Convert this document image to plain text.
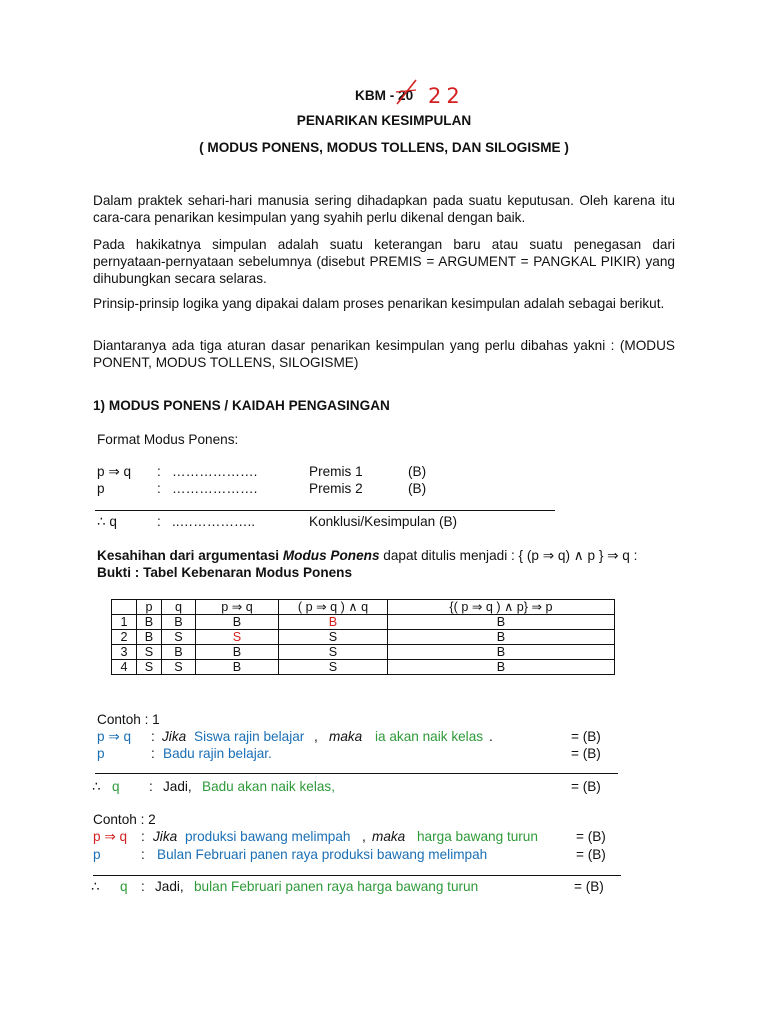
KBM - 20 22
PENARIKAN KESIMPULAN
( MODUS PONENS, MODUS TOLLENS, DAN SILOGISME )

Dalam praktek sehari-hari manusia sering dihadapkan pada suatu keputusan. Oleh karena itu cara-cara penarikan kesimpulan yang syahih perlu dikenal dengan baik.

Pada hakikatnya simpulan adalah suatu keterangan baru atau suatu penegasan dari pernyataan-pernyataan sebelumnya (disebut PREMIS = ARGUMENT = PANGKAL PIKIR) yang dihubungkan secara selaras.

Prinsip-prinsip logika yang dipakai dalam proses penarikan kesimpulan adalah sebagai berikut.

Diantaranya ada tiga aturan dasar penarikan kesimpulan yang perlu dibahas yakni : (MODUS PONENT, MODUS TOLLENS, SILOGISME)

1) MODUS PONENS / KAIDAH PENGASINGAN
Format Modus Ponens:
p ⇒ q : ……………….	Premis 1	(B)
p	: ……………….	Premis 2	(B)
∴ q	: ..……………..	Konklusi/Kesimpulan (B)
Kesahihan dari argumentasi Modus Ponens dapat ditulis menjadi : { (p ⇒ q) ∧ p } ⇒ q :
Bukti : Tabel Kebenaran Modus Ponens
	p	q	p ⇒ q	( p ⇒ q ) ∧ q	{( p ⇒ q ) ∧ p} ⇒ p
1	B	B	B	B	B
2	B	S	S	S	B
3	S	B	B	S	B
4	S	S	B	S	B
Contoh : 1
p ⇒ q : Jika Siswa rajin belajar , maka ia akan naik kelas .	= (B)
p	: Badu rajin belajar.	= (B)
∴ q : Jadi, Badu akan naik kelas,	= (B)
Contoh : 2
p ⇒ q : Jika produksi bawang melimpah , maka harga bawang turun	= (B)
p	: Bulan Februari panen raya produksi bawang melimpah	= (B)
∴ q : Jadi, bulan Februari panen raya harga bawang turun	= (B)
